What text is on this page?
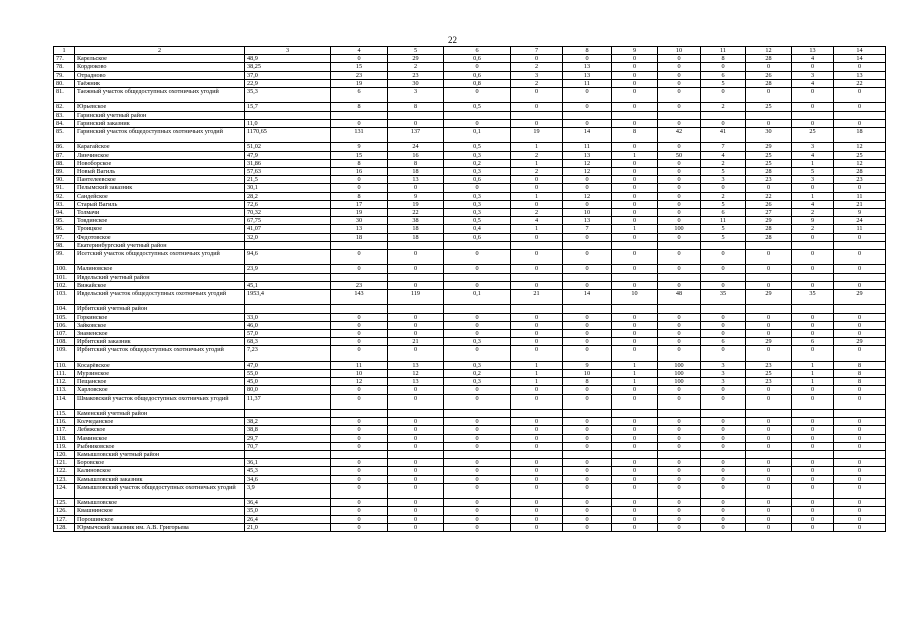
22
1	2	3	4	5	6	7	8	9	10	11	12	13	14
77.	Карельское	48,9	0	29	0,6	0	0	0	0	8	28	4	14
78.	Кордюково	38,25	15	2	0	2	13	0	0	0	0	0	0
79.	Отрадново	37,0	23	23	0,6	3	13	0	0	6	26	3	13
80.	Таёжник	22,9	19	30	0,8	2	11	0	0	5	28	4	22
81.	Таежный участок общедоступных охотничьих угодий	35,3	6	3	0	0	0	0	0	0	0	0	0
82.	Юрьевское	15,7	8	8	0,5	0	0	0	0	2	25	0	0
83.	Гаринский учетный район												
84.	Гаринский заказник	11,0	0	0	0	0	0	0	0	0	0	0	0
85.	Гаринский участок общедоступных охотничьих угодий	1170,65	131	137	0,1	19	14	8	42	41	30	25	18
86.	Карагайское	51,02	9	24	0,5	1	11	0	0	7	29	3	12
87.	Линчинское	47,9	15	16	0,3	2	13	1	50	4	25	4	25
88.	Новоборское	31,86	8	8	0,2	1	12	0	0	2	25	1	12
89.	Новый Вагиль	57,63	16	18	0,3	2	12	0	0	5	28	5	28
90.	Пантелеевское	21,5	0	13	0,6	0	0	0	0	3	23	3	23
91.	Пелымский заказник	30,1	0	0	0	0	0	0	0	0	0	0	0
92.	Сандейское	28,2	8	9	0,3	1	12	0	0	2	22	1	11
93.	Старый Вагиль	72,6	17	19	0,3	0	0	0	0	5	26	4	21
94.	Толмачи	70,32	19	22	0,3	2	10	0	0	6	27	2	9
95.	Товдинское	67,75	30	38	0,5	4	13	0	0	11	29	9	24
96.	Троицкое	41,07	13	18	0,4	1	7	1	100	5	28	2	11
97.	Федотовское	32,0	18	18	0,6	0	0	0	0	5	28	0	0
98.	Екатеринбургский учетный район												
99.	Исетский участок общедоступных охотничьих угодий	94,6	0	0	0	0	0	0	0	0	0	0	0
100.	Малиновское	23,9	0	0	0	0	0	0	0	0	0	0	0
101.	Ивдельский учетный район												
102.	Вижайское	45,1	23	0	0	0	0	0	0	0	0	0	0
103.	Ивдельский участок общедоступных охотничьих угодий	1953,4	143	119	0,1	21	14	10	48	35	29	35	29
104.	Ирбитский учетный район												
105.	Горкинское	33,0	0	0	0	0	0	0	0	0	0	0	0
106.	Зайковское	46,0	0	0	0	0	0	0	0	0	0	0	0
107.	Знаменское	57,0	0	0	0	0	0	0	0	0	0	0	0
108.	Ирбитский заказник	68,3	0	21	0,3	0	0	0	0	6	29	6	29
109.	Ирбитский участок общедоступных охотничьих угодий	7,23	0	0	0	0	0	0	0	0	0	0	0
110.	Косарёвское	47,0	11	13	0,3	1	9	1	100	3	23	1	8
111.	Мурзинское	55,0	10	12	0,2	1	10	1	100	3	25	1	8
112.	Пещанское	45,0	12	13	0,3	1	8	1	100	3	23	1	8
113.	Харловское	80,0	0	0	0	0	0	0	0	0	0	0	0
114.	Шмаковский участок общедоступных охотничьих угодий	11,37	0	0	0	0	0	0	0	0	0	0	0
115.	Каменский учетный район												
116.	Колчеданское	38,2	0	0	0	0	0	0	0	0	0	0	0
117.	Лебяжское	38,8	0	0	0	0	0	0	0	0	0	0	0
118.	Маминское	29,7	0	0	0	0	0	0	0	0	0	0	0
119.	Рыбниковское	70,7	0	0	0	0	0	0	0	0	0	0	0
120.	Камышловский учетный район												
121.	Боровское	36,1	0	0	0	0	0	0	0	0	0	0	0
122.	Калиновское	45,3	0	0	0	0	0	0	0	0	0	0	0
123.	Камышловский заказник	34,6	0	0	0	0	0	0	0	0	0	0	0
124.	Камышловский участок общедоступных охотничьих угодий	3,9	0	0	0	0	0	0	0	0	0	0	0
125.	Камышловское	36,4	0	0	0	0	0	0	0	0	0	0	0
126.	Квашнинское	35,0	0	0	0	0	0	0	0	0	0	0	0
127.	Порошинское	26,4	0	0	0	0	0	0	0	0	0	0	0
128.	Юрмычский заказник им. А.В. Григорьева	21,0	0	0	0	0	0	0	0	0	0	0	0
